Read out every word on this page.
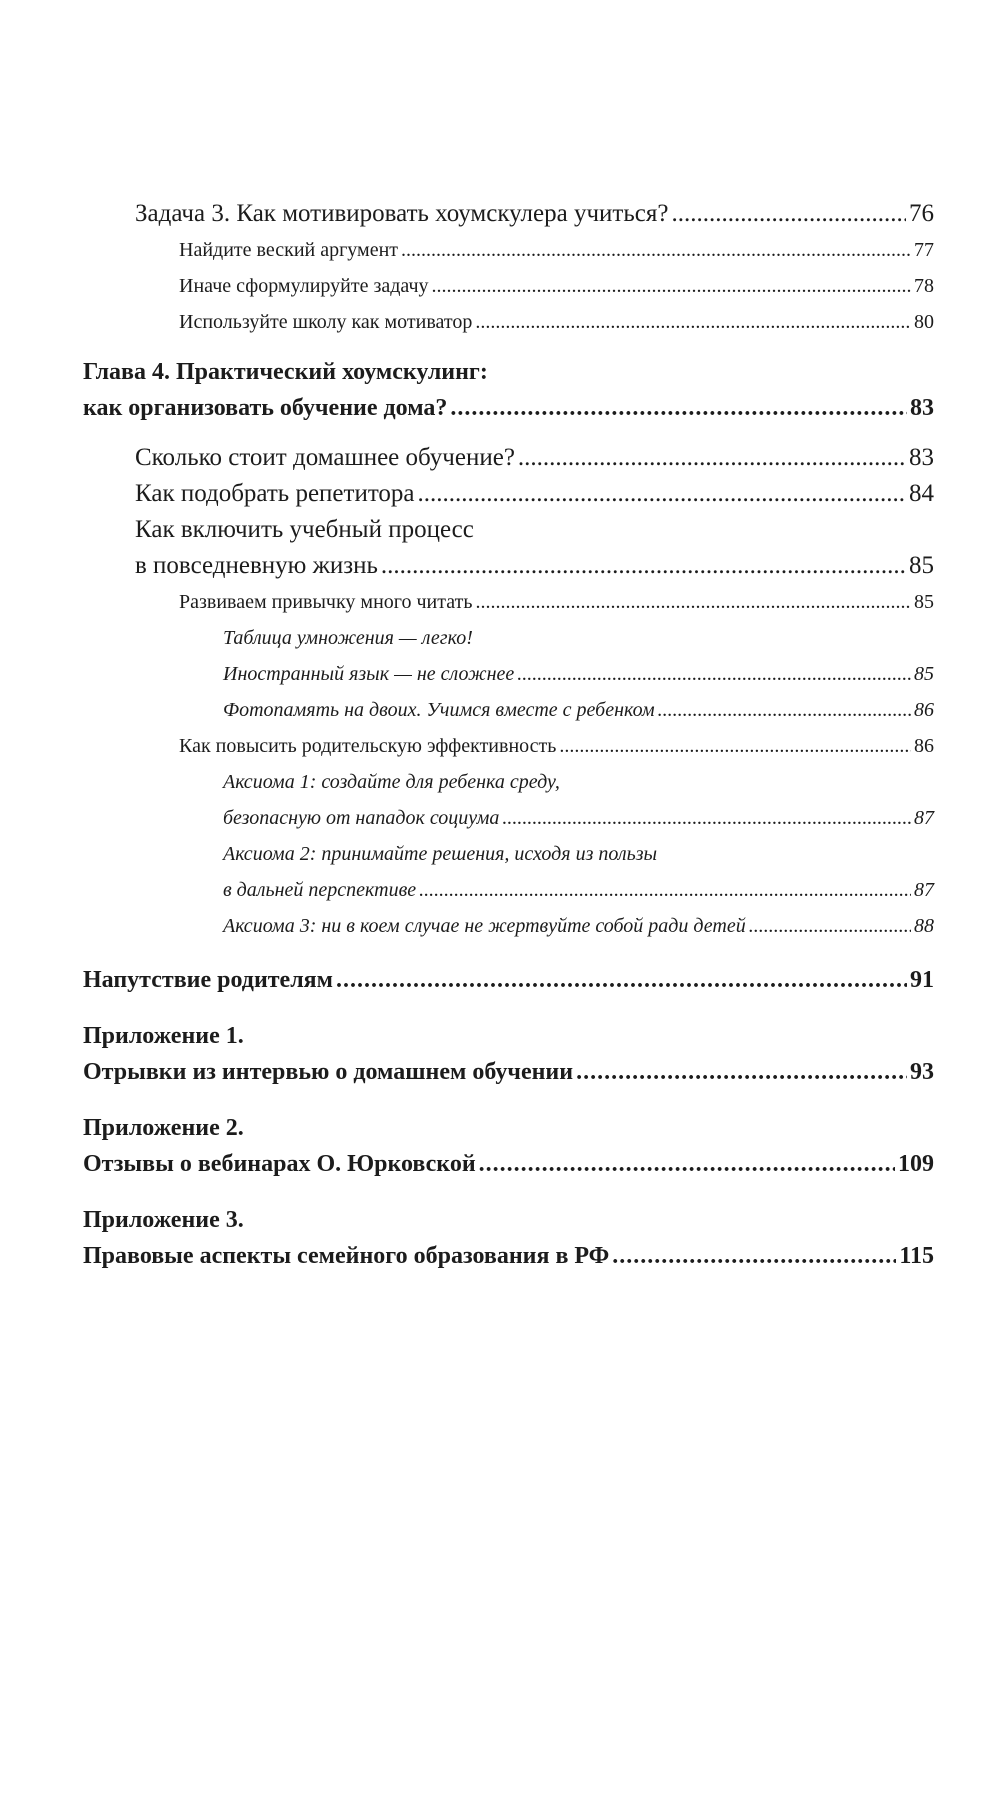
Задача 3. Как мотивировать хоумскулера учиться? .....	76
Найдите веский аргумент .....	77
Иначе сформулируйте задачу .....	78
Используйте школу как мотиватор .....	80
Глава 4. Практический хоумскулинг:
как организовать обучение дома? .....	83
Сколько стоит домашнее обучение? .....	83
Как подобрать репетитора .....	84
Как включить учебный процесс
в повседневную жизнь .....	85
Развиваем привычку много читать .....	85
Таблица умножения — легко!
Иностранный язык — не сложнее .....	85
Фотопамять на двоих. Учимся вместе с ребенком .....	86
Как повысить родительскую эффективность .....	86
Аксиома 1: создайте для ребенка среду,
безопасную от нападок социума .....	87
Аксиома 2: принимайте решения, исходя из пользы
в дальней перспективе .....	87
Аксиома 3: ни в коем случае не жертвуйте собой ради детей .....	88
Напутствие родителям .....	91
Приложение 1.
Отрывки из интервью о домашнем обучении .....	93
Приложение 2.
Отзывы о вебинарах О. Юрковской .....	109
Приложение 3.
Правовые аспекты семейного образования в РФ .....	115
